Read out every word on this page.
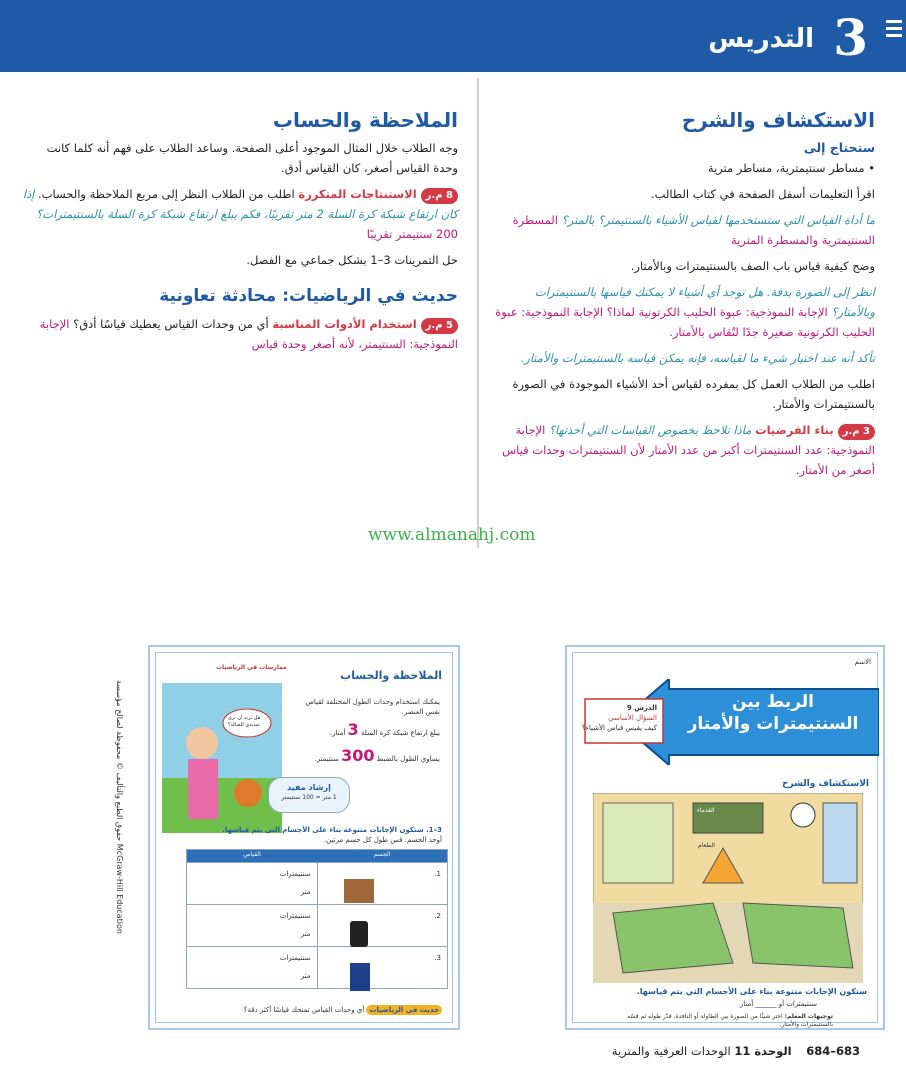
3
التدريس
الاستكشاف والشرح
ستحتاج إلى

• مساطر سنتيمترية، مساطر مترية

اقرأ التعليمات أسفل الصفحة في كتاب الطالب.

ما أداة القياس التي ستستخدمها لقياس الأشياء بالسنتيمتر؟ بالمتر؟ المسطرة السنتيمترية والمسطرة المترية

وضح كيفية قياس باب الصف بالسنتيمترات وبالأمتار.

انظر إلى الصورة بدقة. هل توجد أي أشياء لا يمكنك قياسها بالسنتيمترات وبالأمتار؟ الإجابة النموذجية: عبوة الحليب الكرتونية لماذا؟ الإجابة النموذجية: عبوة الحليب الكرتونية صغيرة جدًا لتُقاس بالأمتار.

تأكد أنه عند اختيار شيء ما لقياسه، فإنه يمكن قياسه بالسنتيمترات والأمتار.

اطلب من الطلاب العمل كل بمفرده لقياس أحد الأشياء الموجودة في الصورة بالسنتيمترات والأمتار.

3 م.ربناء الفرضيات ماذا تلاحظ بخصوص القياسات التي أخذتها؟ الإجابة النموذجية: عدد السنتيمترات أكبر من عدد الأمتار لأن السنتيمترات وحدات قياس أصغر من الأمتار.

الملاحظة والحساب

وجه الطلاب خلال المثال الموجود أعلى الصفحة. وساعد الطلاب على فهم أنه كلما كانت وحدة القياس أصغر، كان القياس أدق.

8 م.رالاستنتاجات المتكررة اطلب من الطلاب النظر إلى مربع الملاحظة والحساب. إذا كان ارتفاع شبكة كرة السلة 2 متر تقريبًا، فكم يبلغ ارتفاع شبكة كرة السلة بالسنتيمترات؟ 200 سنتيمتر تقريبًا

حل التمرينات 3–1 بشكل جماعي مع الفصل.

حديث في الرياضيات: محادثة تعاونية

5 م.راستخدام الأدوات المناسبة أي من وحدات القياس يعطيك قياسًا أدق؟ الإجابة النموذجية: السنتيمتر، لأنه أصغر وحدة قياس

www.almanahj.com
الاسم
الدرس 9
السؤال الأساسي
كيف يقيس قياس الأشياء؟
الربط بين السنتيمترات والأمتار
الاستكشاف والشرح
القدماء
الطعام
ستكون الإجابات متنوعة بناء على الأجسام التي يتم قياسها.
سنتيمترات أو ______ أمتار
توجيهات المعلم: اختر شيئًا من الصورة بين الطاولة أو النافذة، قدّر طوله ثم قسّه بالسنتيمترات والأمتار.
الملاحظة والحساب
ممارسات في الرياضيات
هل تريد أن ترى تمديدي للصالة؟
يمكنك استخدام وحدات الطول المختلفة لقياس نفس العنصر.
يبلغ ارتفاع شبكة كرة السلة 3 أمتار.
يساوي الطول بالضبط 300 سنتيمتر.
إرشاد مفيد
1 متر = 100 سنتيمتر
3–1. ستكون الإجابات متنوعة بناء على الأجسام التي يتم قياسها.
أوجد الجسم. قس طول كل جسم مرتين.
القياس	الجسم
سنتيمترات
متر
1.
سنتيمترات
متر
2.
سنتيمترات
متر
3.
حديث في الرياضيات أي وحدات القياس تمنحك قياسًا أكثر دقة؟
حقوق الطبع والتأليف © محفوظة لصالح مؤسسة McGraw-Hill Education
683–684    الوحدة 11 الوحدات العرفية والمترية
